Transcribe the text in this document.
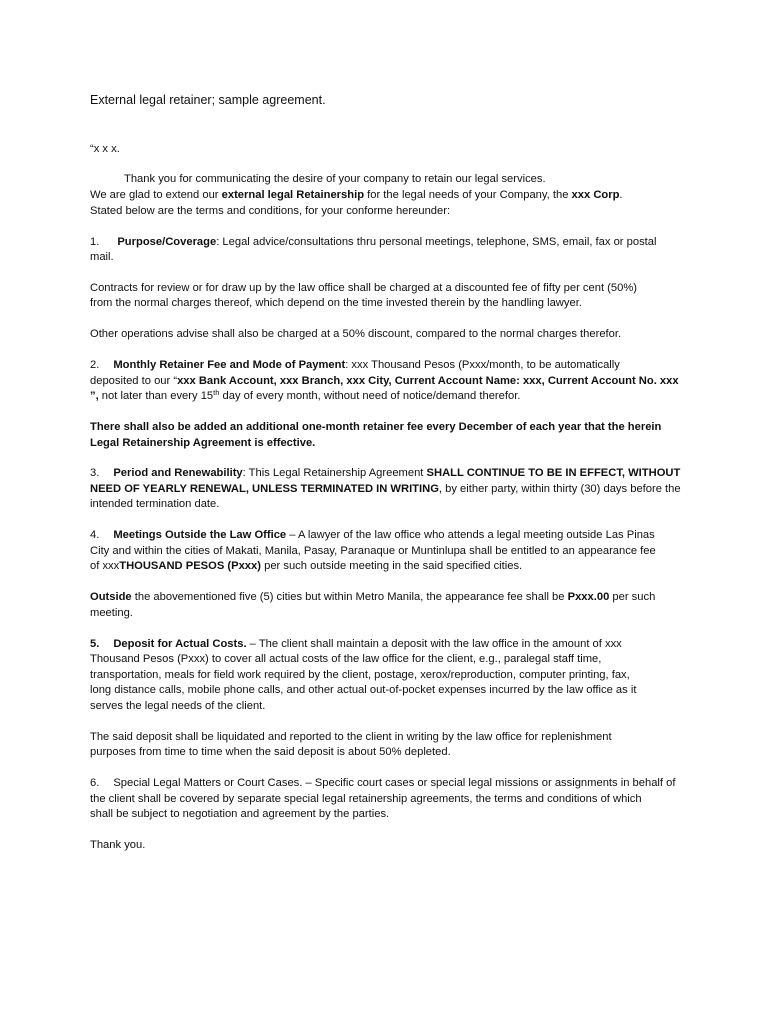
External legal retainer; sample agreement.

“x x x.

Thank you for communicating the desire of your company to retain our legal services.

We are glad to extend our external legal Retainership for the legal needs of your Company, the xxx Corp.

Stated below are the terms and conditions, for your conforme hereunder:

1. Purpose/Coverage: Legal advice/consultations thru personal meetings, telephone, SMS, email, fax or postal

mail.

Contracts for review or for draw up by the law office shall be charged at a discounted fee of fifty per cent (50%)

from the normal charges thereof, which depend on the time invested therein by the handling lawyer.

Other operations advise shall also be charged at a 50% discount, compared to the normal charges therefor.

2. Monthly Retainer Fee and Mode of Payment: xxx Thousand Pesos (Pxxx/month, to be automatically

deposited to our “xxx Bank Account, xxx Branch, xxx City, Current Account Name: xxx, Current Account No. xxx

”, not later than every 15th day of every month, without need of notice/demand therefor.

There shall also be added an additional one-month retainer fee every December of each year that the herein

Legal Retainership Agreement is effective.

3. Period and Renewability: This Legal Retainership Agreement SHALL CONTINUE TO BE IN EFFECT, WITHOUT

NEED OF YEARLY RENEWAL, UNLESS TERMINATED IN WRITING, by either party, within thirty (30) days before the

intended termination date.

4. Meetings Outside the Law Office – A lawyer of the law office who attends a legal meeting outside Las Pinas

City and within the cities of Makati, Manila, Pasay, Paranaque or Muntinlupa shall be entitled to an appearance fee

of xxxTHOUSAND PESOS (Pxxx) per such outside meeting in the said specified cities.

Outside the abovementioned five (5) cities but within Metro Manila, the appearance fee shall be Pxxx.00 per such

meeting.

5. Deposit for Actual Costs. – The client shall maintain a deposit with the law office in the amount of xxx

Thousand Pesos (Pxxx) to cover all actual costs of the law office for the client, e.g., paralegal staff time,

transportation, meals for field work required by the client, postage, xerox/reproduction, computer printing, fax,

long distance calls, mobile phone calls, and other actual out-of-pocket expenses incurred by the law office as it

serves the legal needs of the client.

The said deposit shall be liquidated and reported to the client in writing by the law office for replenishment

purposes from time to time when the said deposit is about 50% depleted.

6. Special Legal Matters or Court Cases. – Specific court cases or special legal missions or assignments in behalf of

the client shall be covered by separate special legal retainership agreements, the terms and conditions of which

shall be subject to negotiation and agreement by the parties.

Thank you.
